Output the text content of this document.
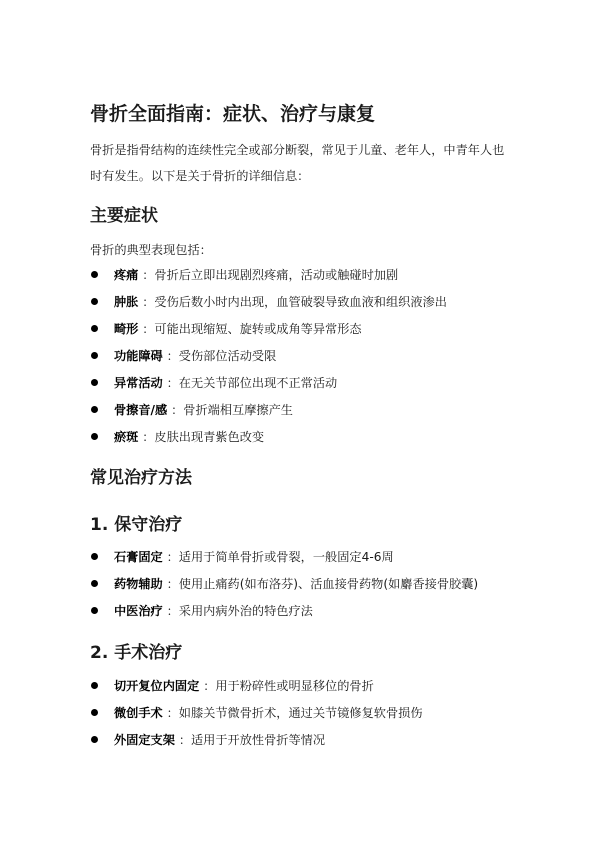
骨折全面指南：症状、治疗与康复

骨折是指骨结构的连续性完全或部分断裂，常见于儿童、老年人，中青年人也时有发生。以下是关于骨折的详细信息：

主要症状

骨折的典型表现包括：

疼痛 ：骨折后立即出现剧烈疼痛，活动或触碰时加剧
肿胀 ：受伤后数小时内出现，血管破裂导致血液和组织液渗出
畸形 ：可能出现缩短、旋转或成角等异常形态
功能障碍 ：受伤部位活动受限
异常活动 ：在无关节部位出现不正常活动
骨擦音/感 ：骨折端相互摩擦产生
瘀斑 ：皮肤出现青紫色改变
常见治疗方法
1. 保守治疗
石膏固定 ：适用于简单骨折或骨裂，一般固定4-6周
药物辅助 ：使用止痛药(如布洛芬)、活血接骨药物(如麝香接骨胶囊)
中医治疗 ：采用内病外治的特色疗法
2. 手术治疗
切开复位内固定 ：用于粉碎性或明显移位的骨折
微创手术 ：如膝关节微骨折术，通过关节镜修复软骨损伤
外固定支架 ：适用于开放性骨折等情况
